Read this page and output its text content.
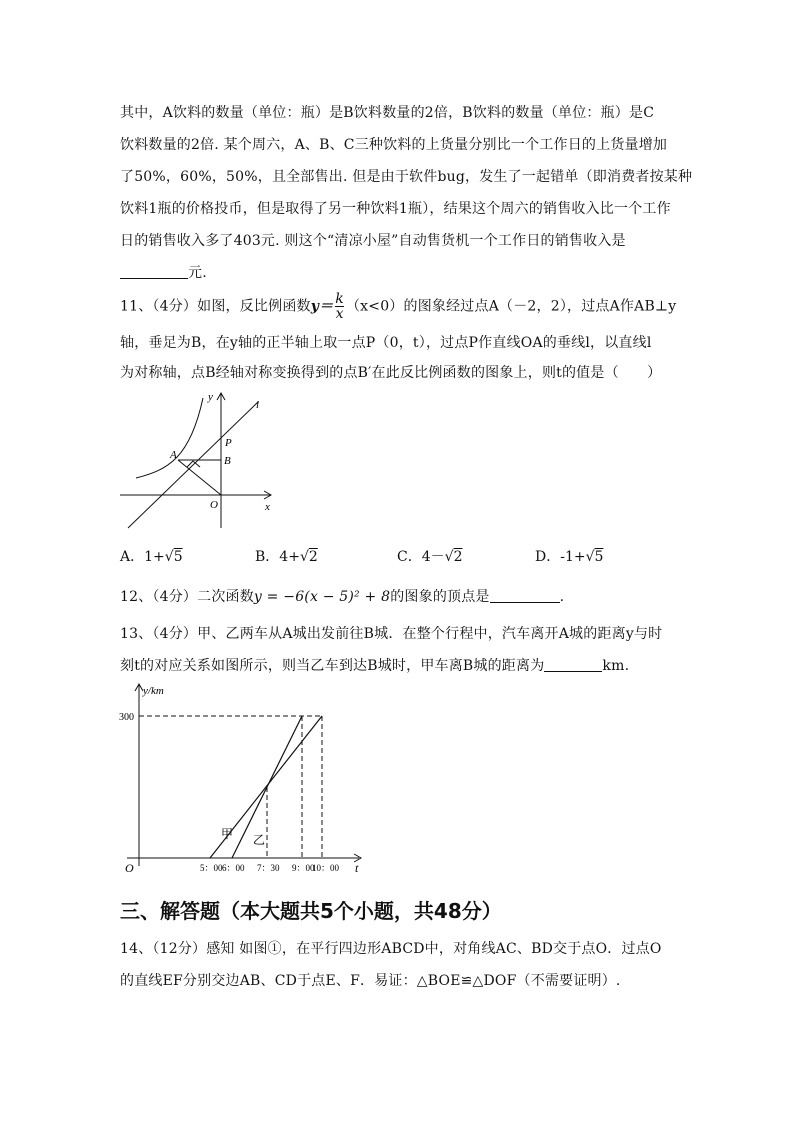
其中，A饮料的数量（单位：瓶）是B饮料数量的2倍，B饮料的数量（单位：瓶）是C
饮料数量的2倍. 某个周六，A、B、C三种饮料的上货量分别比一个工作日的上货量增加
了50%，60%，50%，且全部售出. 但是由于软件bug，发生了一起错单（即消费者按某种
饮料1瓶的价格投币，但是取得了另一种饮料1瓶），结果这个周六的销售收入比一个工作
日的销售收入多了403元. 则这个“清凉小屋”自动售货机一个工作日的销售收入是
元.
11、（4分）如图，反比例函数$y= \frac{k}{x} (x<0)$的图象经过点A（－2，2），过点A作AB⊥y
轴，垂足为B，在y轴的正半轴上取一点P（0，t），过点P作直线OA的垂线l，以直线l
为对称轴，点B经轴对称变换得到的点B′在此反比例函数的图象上，则t的值是（　　）
y
l
A
P
B
O	x
A．1+√5	B．4+√2	C．4－√2	D．-1+√5
12、（4分）二次函数y = −6(x − 5)² + 8的图象的顶点是	.
13、（4分）甲、乙两车从A城出发前往B城．在整个行程中，汽车离开A城的距离y与时
刻t的对应关系如图所示，则当乙车到达B城时，甲车离B城的距离为	km.
y/km
t
O
300
甲 乙
5：00 6：00 7：30 9：00
10：00
三、解答题（本大题共5个小题，共48分）
14、（12分）感知 如图①，在平行四边形ABCD中，对角线AC、BD交于点O．过点O
的直线EF分别交边AB、CD于点E、F．易证：△BOE≌△DOF（不需要证明）.
